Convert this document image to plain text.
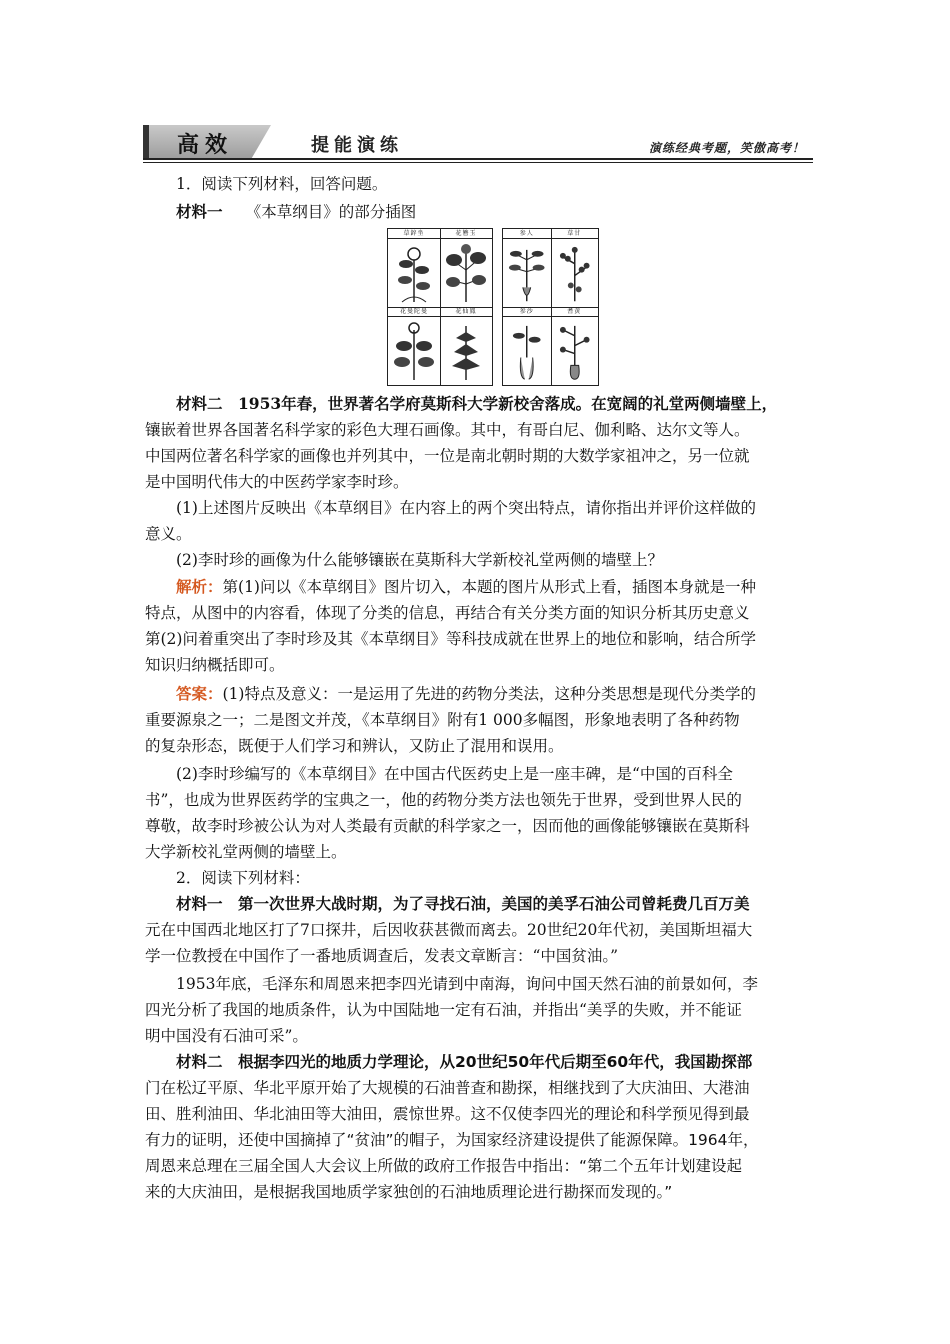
高效	提能演练	演练经典考题，笑傲高考！
1．阅读下列材料，回答问题。
材料一　　 《本草纲目》的部分插图
草錊坐	花簪玉
花曼陀曼	花仙鳳
参人	草甘
参沙	耆黄
材料二　1953年春，世界著名学府莫斯科大学新校舍落成。在宽阔的礼堂两侧墙壁上，
镶嵌着世界各国著名科学家的彩色大理石画像。其中，有哥白尼、伽利略、达尔文等人。
中国两位著名科学家的画像也并列其中，一位是南北朝时期的大数学家祖冲之，另一位就
是中国明代伟大的中医药学家李时珍。
(1)上述图片反映出《本草纲目》在内容上的两个突出特点，请你指出并评价这样做的
意义。
(2)李时珍的画像为什么能够镶嵌在莫斯科大学新校礼堂两侧的墙壁上？
解析：第(1)问以《本草纲目》图片切入，本题的图片从形式上看，插图本身就是一种
特点，从图中的内容看，体现了分类的信息，再结合有关分类方面的知识分析其历史意义
第(2)问着重突出了李时珍及其《本草纲目》等科技成就在世界上的地位和影响，结合所学
知识归纳概括即可。
答案：(1)特点及意义：一是运用了先进的药物分类法，这种分类思想是现代分类学的
重要源泉之一；二是图文并茂，《本草纲目》附有1 000多幅图，形象地表明了各种药物
的复杂形态，既便于人们学习和辨认，又防止了混用和误用。
(2)李时珍编写的《本草纲目》在中国古代医药史上是一座丰碑，是“中国的百科全
书”，也成为世界医药学的宝典之一，他的药物分类方法也领先于世界，受到世界人民的
尊敬，故李时珍被公认为对人类最有贡献的科学家之一，因而他的画像能够镶嵌在莫斯科
大学新校礼堂两侧的墙壁上。
2．阅读下列材料：
材料一　第一次世界大战时期，为了寻找石油，美国的美孚石油公司曾耗费几百万美
元在中国西北地区打了7口探井，后因收获甚微而离去。20世纪20年代初，美国斯坦福大
学一位教授在中国作了一番地质调查后，发表文章断言：“中国贫油。”
1953年底，毛泽东和周恩来把李四光请到中南海，询问中国天然石油的前景如何，李
四光分析了我国的地质条件，认为中国陆地一定有石油，并指出“美孚的失败，并不能证
明中国没有石油可采”。
材料二　根据李四光的地质力学理论，从20世纪50年代后期至60年代，我国勘探部
门在松辽平原、华北平原开始了大规模的石油普查和勘探，相继找到了大庆油田、大港油
田、胜利油田、华北油田等大油田，震惊世界。这不仅使李四光的理论和科学预见得到最
有力的证明，还使中国摘掉了“贫油”的帽子，为国家经济建设提供了能源保障。1964年，
周恩来总理在三届全国人大会议上所做的政府工作报告中指出：“第二个五年计划建设起
来的大庆油田，是根据我国地质学家独创的石油地质理论进行勘探而发现的。”
